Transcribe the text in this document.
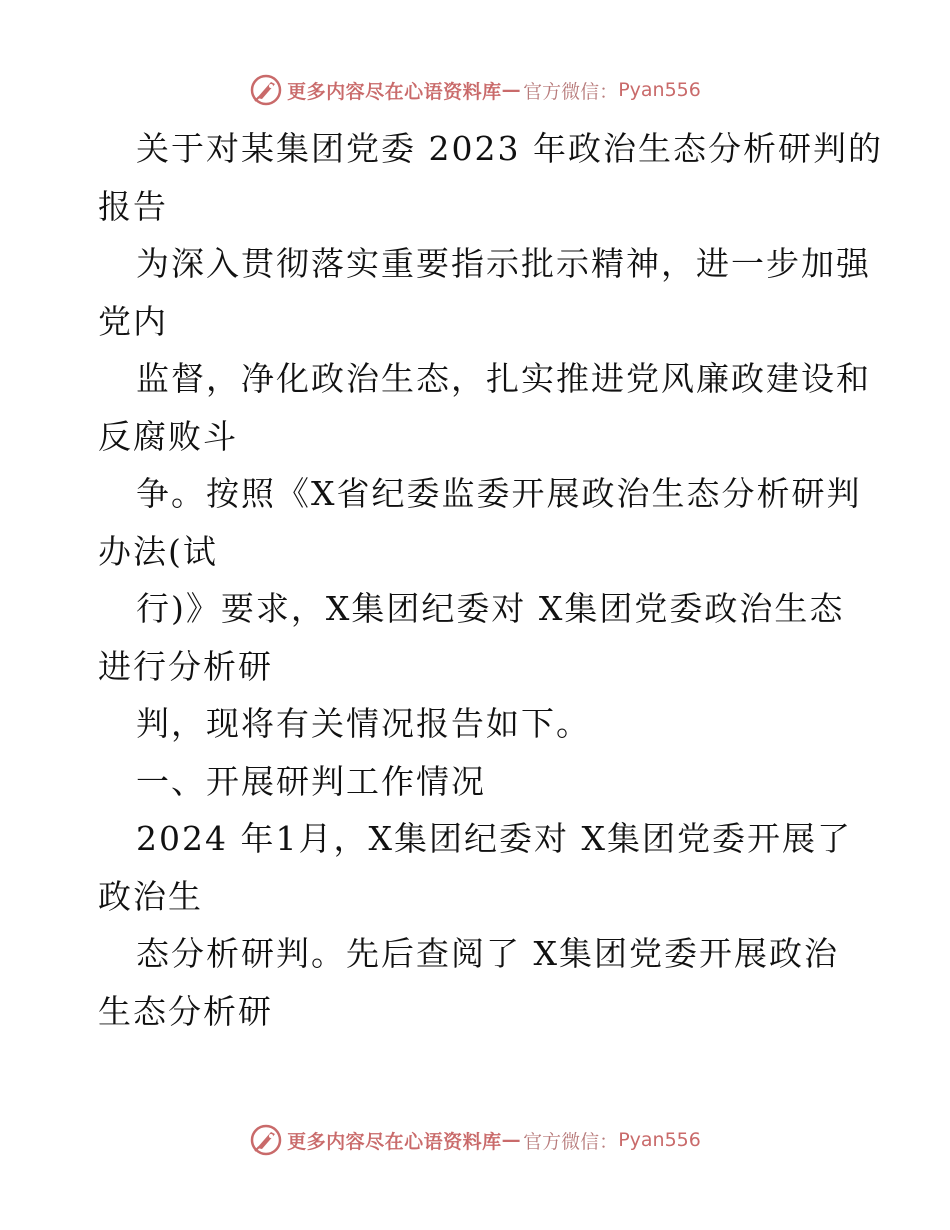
更多内容尽在心语资料库 — 官方微信： Pyan556
关于对某集团党委 2023 年政治生态分析研判的
报告
为深入贯彻落实重要指示批示精神，进一步加强
党内
监督，净化政治生态，扎实推进党风廉政建设和
反腐败斗
争。按照《X省纪委监委开展政治生态分析研判
办法(试
行)》要求，X集团纪委对 X集团党委政治生态
进行分析研
判，现将有关情况报告如下。
一、开展研判工作情况
2024 年1月，X集团纪委对 X集团党委开展了
政治生
态分析研判。先后查阅了 X集团党委开展政治
生态分析研
更多内容尽在心语资料库 — 官方微信： Pyan556
